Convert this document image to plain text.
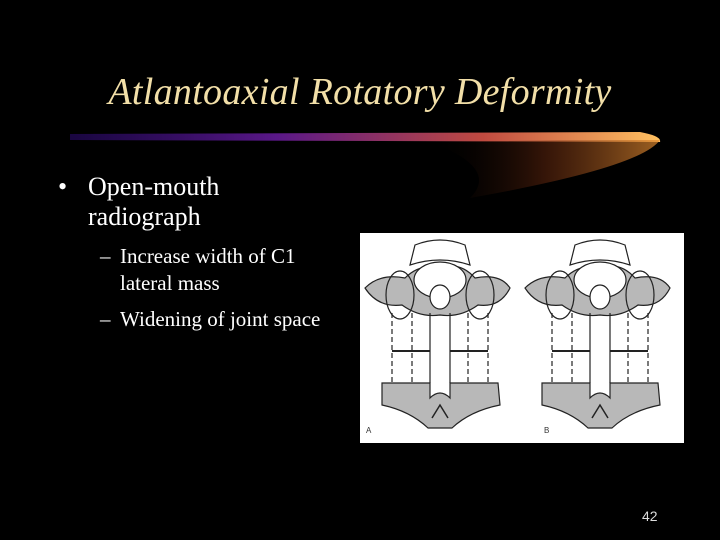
Atlantoaxial Rotatory Deformity
• Open-mouth radiograph
– Increase width of C1 lateral mass
– Widening of joint space
A	B
42
